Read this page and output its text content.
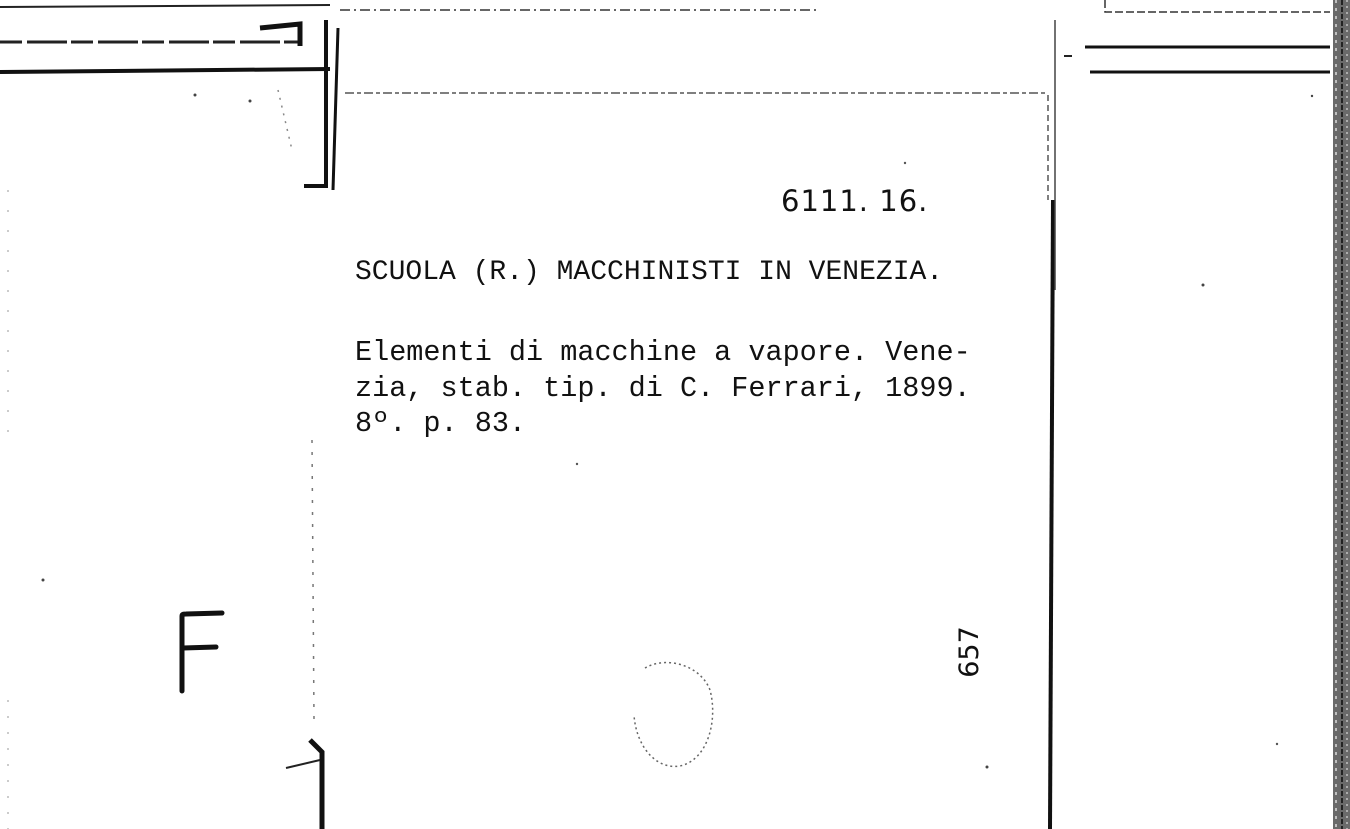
6111. 16.
SCUOLA (R.) MACCHINISTI IN VENEZIA.
Elementi di macchine a vapore. Vene-
zia, stab. tip. di C. Ferrari, 1899.
8º. p. 83.
657
